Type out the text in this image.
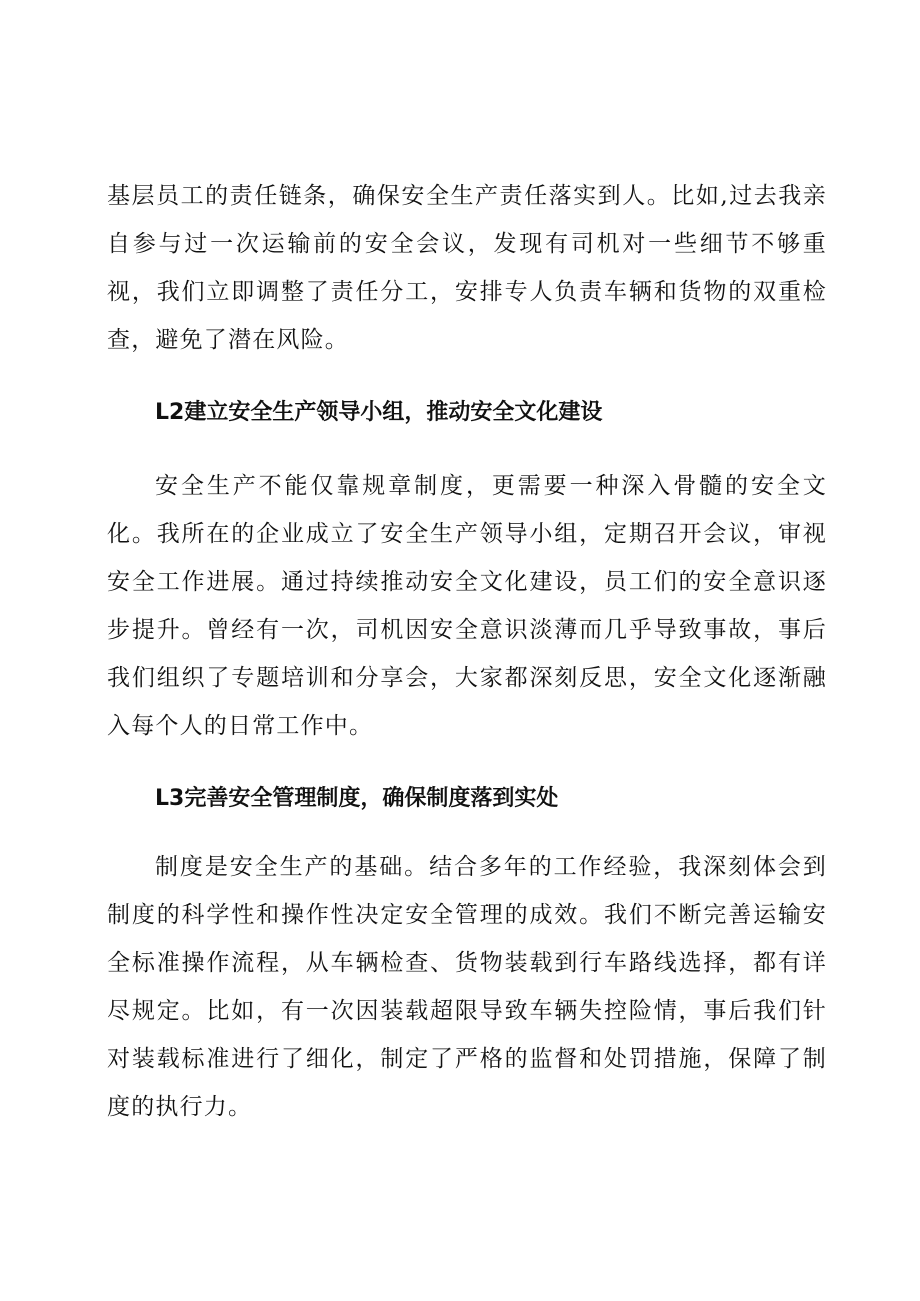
基层员工的责任链条，确保安全生产责任落实到人。比如,过去我亲自参与过一次运输前的安全会议，发现有司机对一些细节不够重视，我们立即调整了责任分工，安排专人负责车辆和货物的双重检查，避免了潜在风险。

L2建立安全生产领导小组，推动安全文化建设

安全生产不能仅靠规章制度，更需要一种深入骨髓的安全文化。我所在的企业成立了安全生产领导小组，定期召开会议，审视安全工作进展。通过持续推动安全文化建设，员工们的安全意识逐步提升。曾经有一次，司机因安全意识淡薄而几乎导致事故，事后我们组织了专题培训和分享会，大家都深刻反思，安全文化逐渐融入每个人的日常工作中。

L3完善安全管理制度，确保制度落到实处

制度是安全生产的基础。结合多年的工作经验，我深刻体会到制度的科学性和操作性决定安全管理的成效。我们不断完善运输安全标准操作流程，从车辆检查、货物装载到行车路线选择，都有详尽规定。比如，有一次因装载超限导致车辆失控险情，事后我们针对装载标准进行了细化，制定了严格的监督和处罚措施，保障了制度的执行力。
